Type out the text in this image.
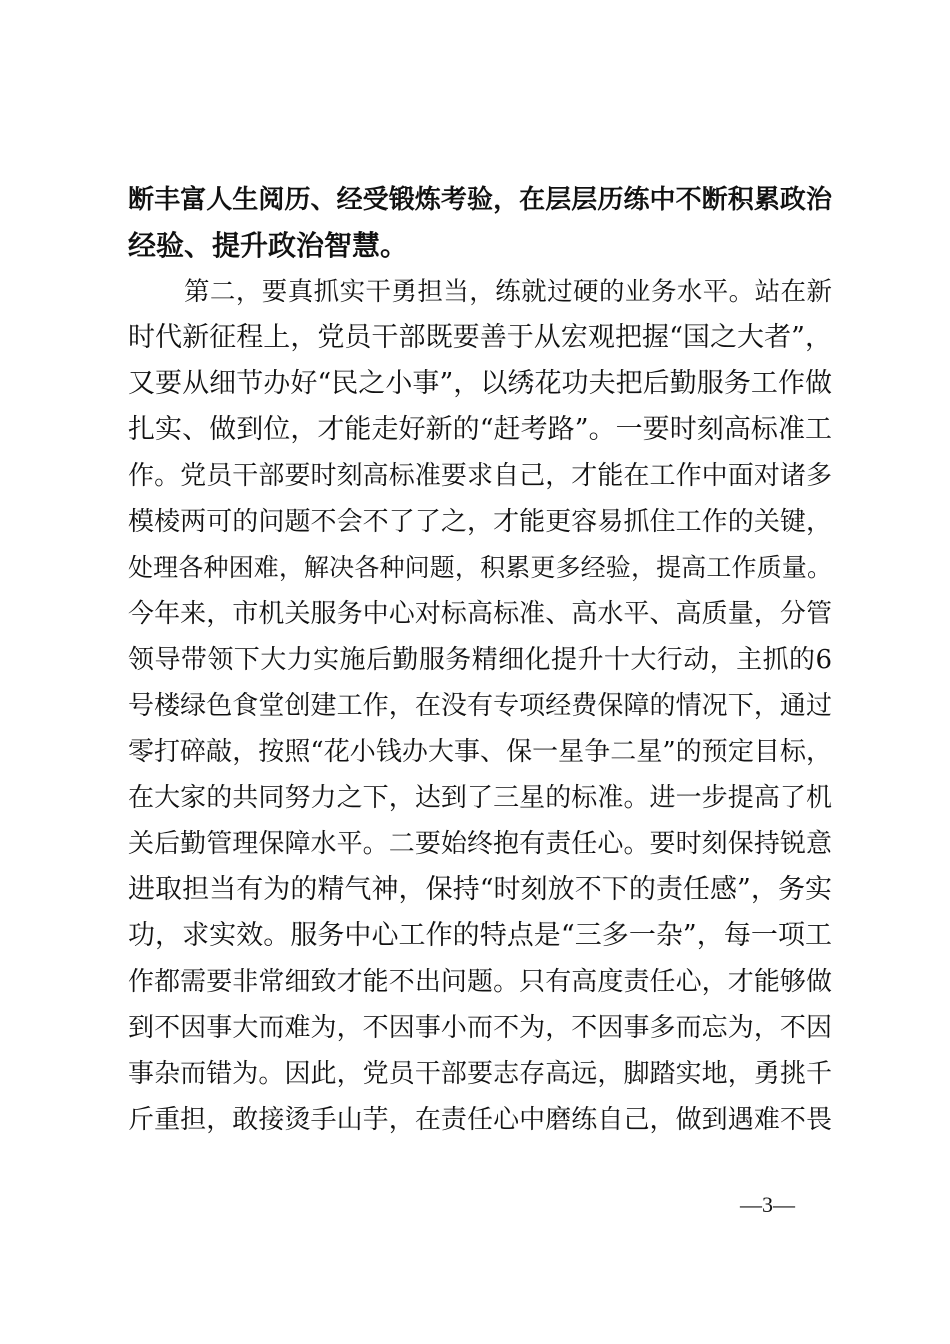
断丰富人生阅历、经受锻炼考验，在层层历练中不断积累政治
经验、提升政治智慧。
第二，要真抓实干勇担当，练就过硬的业务水平。站在新
时代新征程上，党员干部既要善于从宏观把握“国之大者”，
又要从细节办好“民之小事”，以绣花功夫把后勤服务工作做
扎实、做到位，才能走好新的“赶考路”。一要时刻高标准工
作。党员干部要时刻高标准要求自己，才能在工作中面对诸多
模棱两可的问题不会不了了之，才能更容易抓住工作的关键，
处理各种困难，解决各种问题，积累更多经验，提高工作质量。
今年来，市机关服务中心对标高标准、高水平、高质量，分管
领导带领下大力实施后勤服务精细化提升十大行动，主抓的6
号楼绿色食堂创建工作，在没有专项经费保障的情况下，通过
零打碎敲，按照“花小钱办大事、保一星争二星”的预定目标，
在大家的共同努力之下，达到了三星的标准。进一步提高了机
关后勤管理保障水平。二要始终抱有责任心。要时刻保持锐意
进取担当有为的精气神，保持“时刻放不下的责任感”，务实
功，求实效。服务中心工作的特点是“三多一杂”，每一项工
作都需要非常细致才能不出问题。只有高度责任心，才能够做
到不因事大而难为，不因事小而不为，不因事多而忘为，不因
事杂而错为。因此，党员干部要志存高远，脚踏实地，勇挑千
斤重担，敢接烫手山芋，在责任心中磨练自己，做到遇难不畏
—3—
